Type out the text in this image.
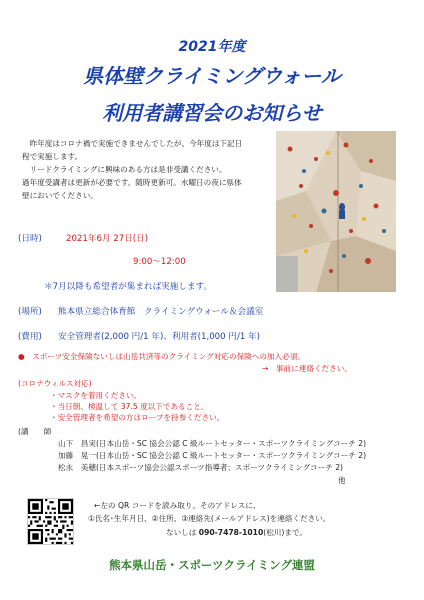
2021年度
県体壁クライミングウォール
利用者講習会のお知らせ
　昨年度はコロナ禍で実施できませんでしたが、今年度は下記日
程で実施します。
　リードクライミングに興味のある方は是非受講ください。
過年度受講者は更新が必要です。随時更新可。水曜日の夜に県体
壁においでください。
(日時)	2021年6月 27日(日)
9:00～12:00
＊7月以降も希望者が集まれば実施します。
(場所) 熊本県立総合体育館　クライミングウォール＆会議室
(費用) 安全管理者(2,000 円/1 年)、利用者(1,000 円/1 年)
●　スポーツ安全保険ないしは山岳共済等のクライミング対応の保険への加入必須。
→　事前に連絡ください。
(コロナウィルス対応)
・マスクを着用ください。
・当日朝、検温して 37.5 度以下であること。
・安全管理者を希望の方はロープを持参ください。
(講　　師
山下　昌実(日本山岳・SC 協会公認 C 級ルートセッター・スポーツクライミングコーチ 2)
加藤　晃一(日本山岳・SC 協会公認 C 級ルートセッター・スポーツクライミングコーチ 2)
松永　美穂(日本スポーツ協会公認スポーツ指導者；スポーツクライミングコーチ 2)
他
←左の QR コードを読み取り、そのアドレスに、
①氏名･生年月日、②住所、③連絡先(メールアドレス)を連絡ください。
ないしは 090-7478-1010(松川)まで。
熊本県山岳・スポーツクライミング連盟
